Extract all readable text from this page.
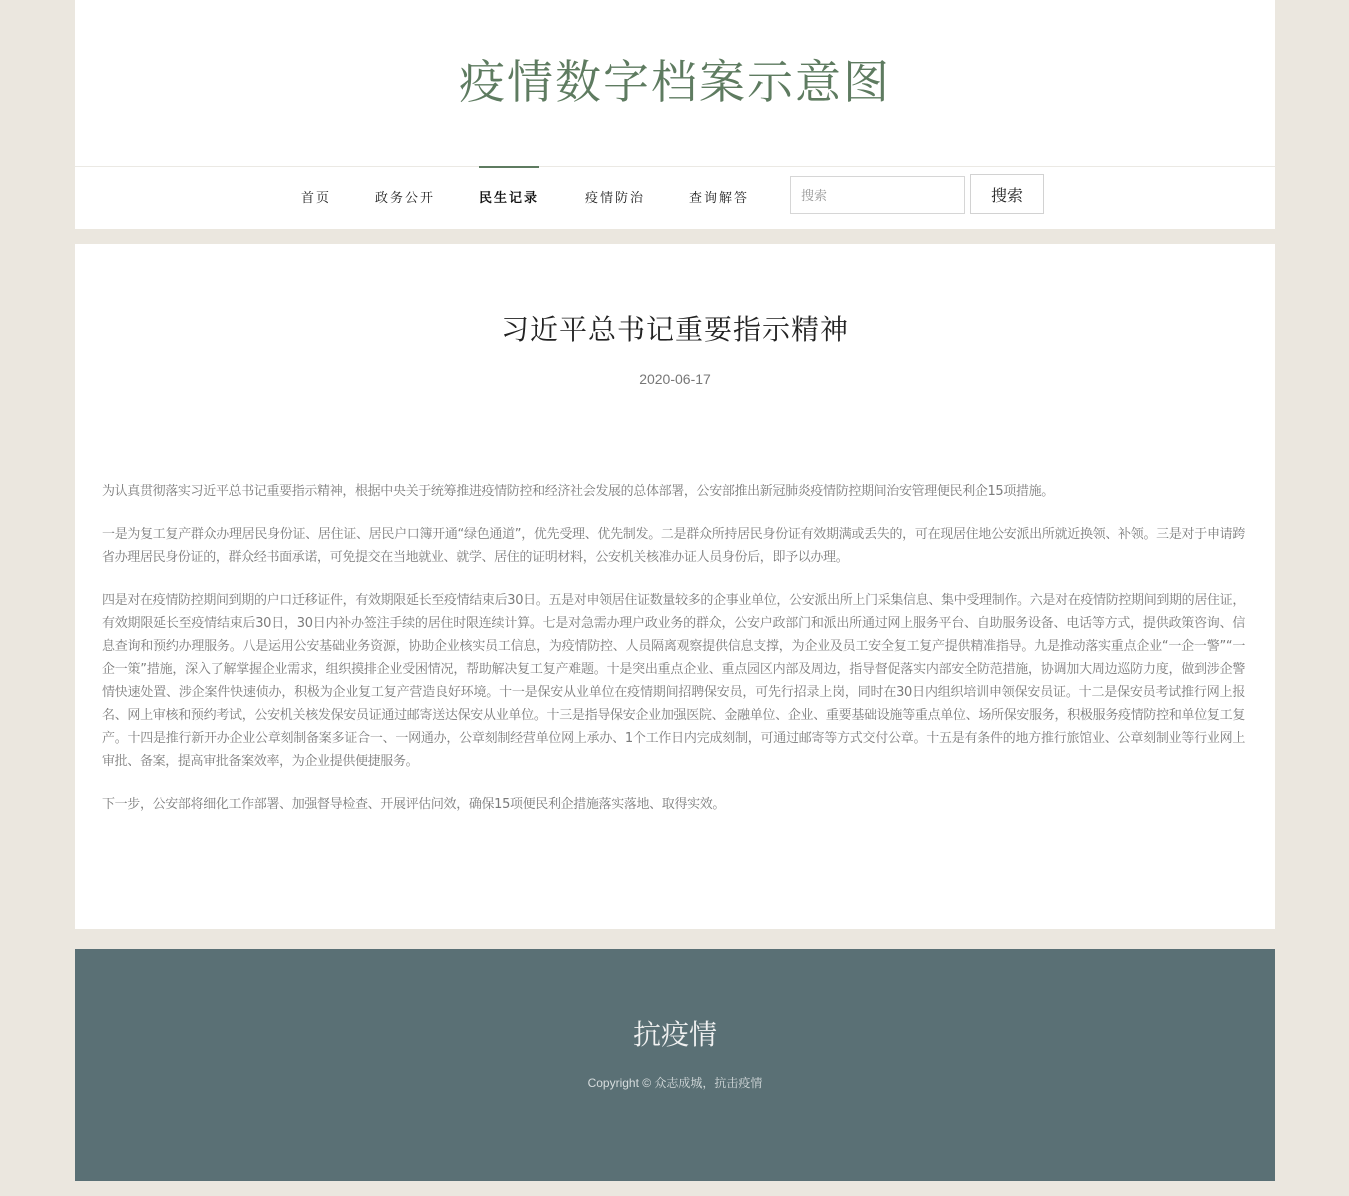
疫情数字档案示意图
首页	政务公开	民生记录	疫情防治	查询解答
搜索	搜索
习近平总书记重要指示精神
2020-06-17

为认真贯彻落实习近平总书记重要指示精神，根据中央关于统筹推进疫情防控和经济社会发展的总体部署，公安部推出新冠肺炎疫情防控期间治安管理便民利企15项措施。

一是为复工复产群众办理居民身份证、居住证、居民户口簿开通“绿色通道”，优先受理、优先制发。二是群众所持居民身份证有效期满或丢失的，可在现居住地公安派出所就近换领、补领。三是对于申请跨省办理居民身份证的，群众经书面承诺，可免提交在当地就业、就学、居住的证明材料，公安机关核准办证人员身份后，即予以办理。

四是对在疫情防控期间到期的户口迁移证件，有效期限延长至疫情结束后30日。五是对申领居住证数量较多的企事业单位，公安派出所上门采集信息、集中受理制作。六是对在疫情防控期间到期的居住证，有效期限延长至疫情结束后30日，30日内补办签注手续的居住时限连续计算。七是对急需办理户政业务的群众，公安户政部门和派出所通过网上服务平台、自助服务设备、电话等方式，提供政策咨询、信息查询和预约办理服务。八是运用公安基础业务资源，协助企业核实员工信息，为疫情防控、人员隔离观察提供信息支撑，为企业及员工安全复工复产提供精准指导。九是推动落实重点企业“一企一警”“一企一策”措施，深入了解掌握企业需求，组织摸排企业受困情况，帮助解决复工复产难题。十是突出重点企业、重点园区内部及周边，指导督促落实内部安全防范措施，协调加大周边巡防力度，做到涉企警情快速处置、涉企案件快速侦办，积极为企业复工复产营造良好环境。十一是保安从业单位在疫情期间招聘保安员，可先行招录上岗，同时在30日内组织培训申领保安员证。十二是保安员考试推行网上报名、网上审核和预约考试，公安机关核发保安员证通过邮寄送达保安从业单位。十三是指导保安企业加强医院、金融单位、企业、重要基础设施等重点单位、场所保安服务，积极服务疫情防控和单位复工复产。十四是推行新开办企业公章刻制备案多证合一、一网通办，公章刻制经营单位网上承办、1个工作日内完成刻制，可通过邮寄等方式交付公章。十五是有条件的地方推行旅馆业、公章刻制业等行业网上审批、备案，提高审批备案效率，为企业提供便捷服务。

下一步，公安部将细化工作部署、加强督导检查、开展评估问效，确保15项便民利企措施落实落地、取得实效。

抗疫情
Copyright © 众志成城，抗击疫情
